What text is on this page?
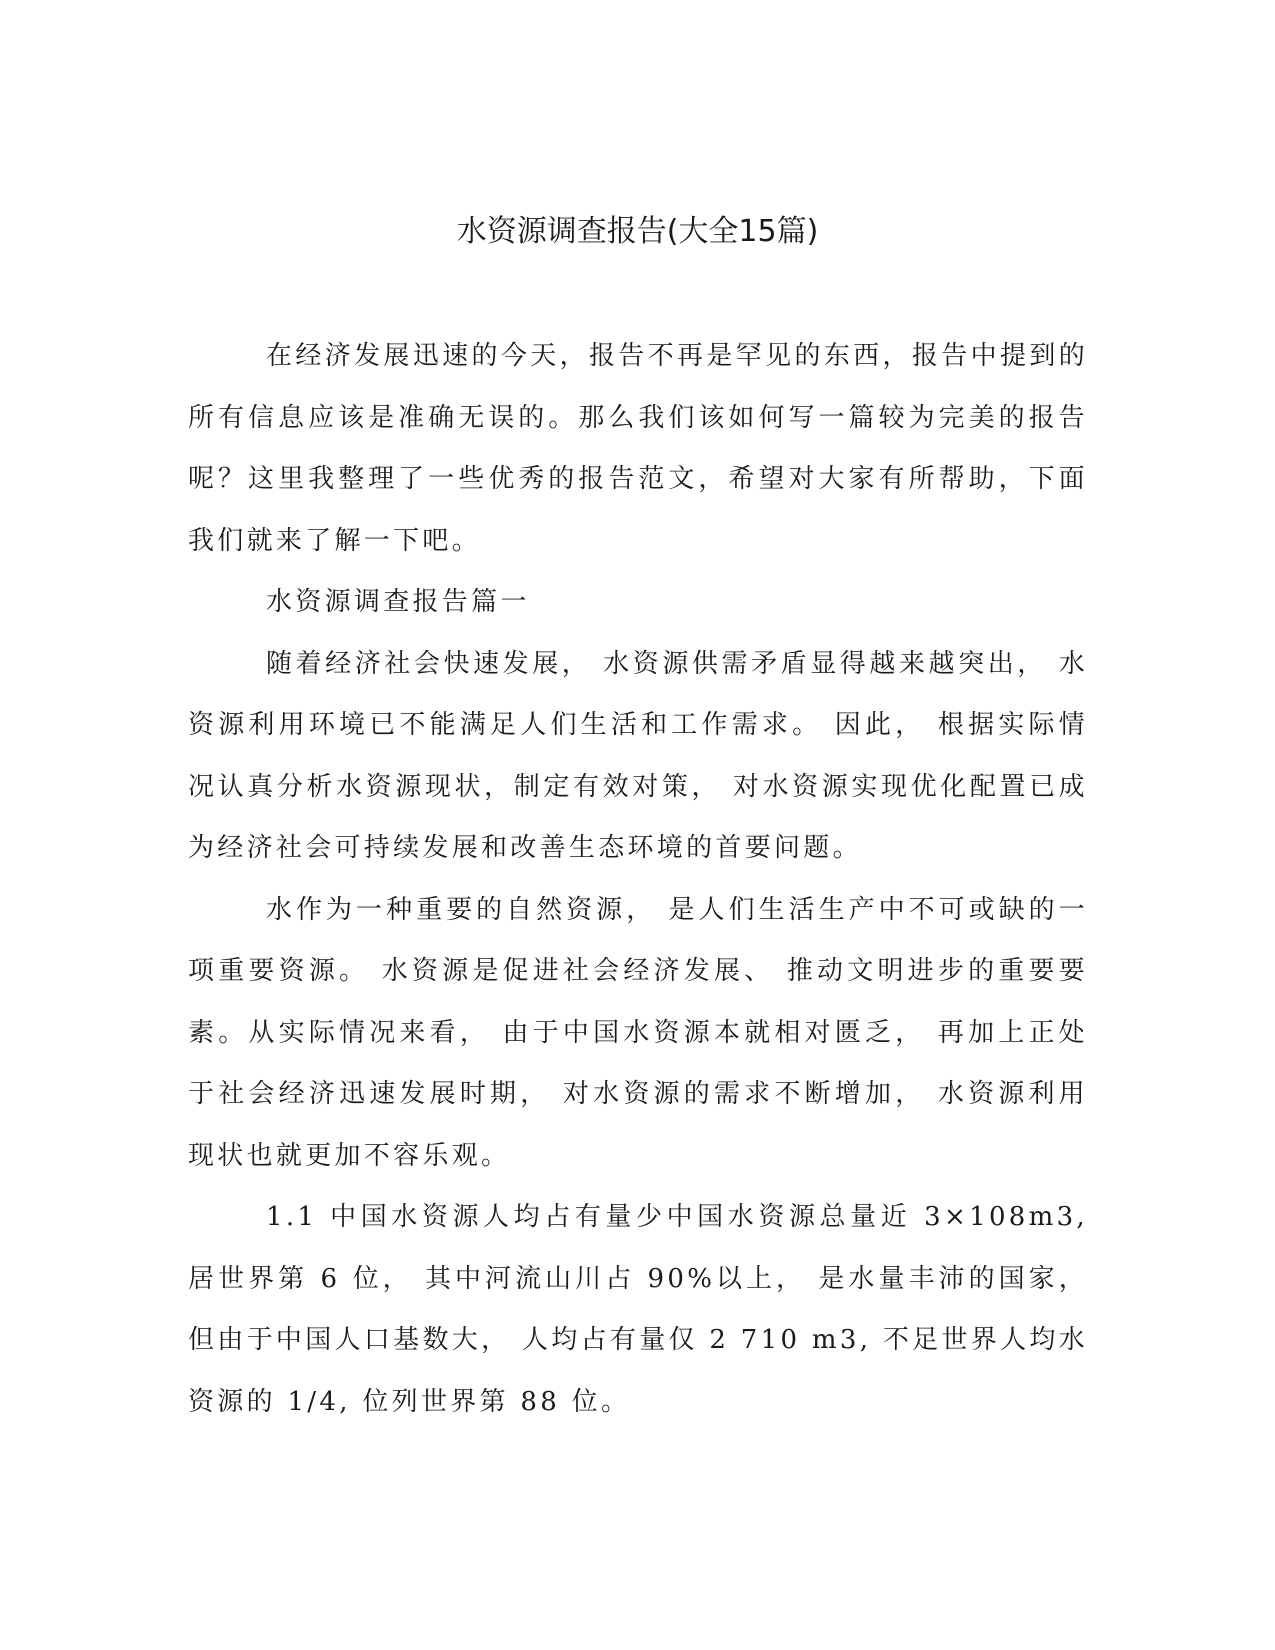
水资源调查报告(大全15篇)

在经济发展迅速的今天，报告不再是罕见的东西，报告中提到的所有信息应该是准确无误的。那么我们该如何写一篇较为完美的报告呢？这里我整理了一些优秀的报告范文，希望对大家有所帮助，下面我们就来了解一下吧。

水资源调查报告篇一

随着经济社会快速发展， 水资源供需矛盾显得越来越突出， 水资源利用环境已不能满足人们生活和工作需求。 因此， 根据实际情况认真分析水资源现状，制定有效对策， 对水资源实现优化配置已成为经济社会可持续发展和改善生态环境的首要问题。

水作为一种重要的自然资源， 是人们生活生产中不可或缺的一项重要资源。 水资源是促进社会经济发展、 推动文明进步的重要要素。从实际情况来看， 由于中国水资源本就相对匮乏， 再加上正处于社会经济迅速发展时期， 对水资源的需求不断增加， 水资源利用现状也就更加不容乐观。

1.1 中国水资源人均占有量少中国水资源总量近 3×108m3, 居世界第 6 位， 其中河流山川占 90%以上， 是水量丰沛的国家， 但由于中国人口基数大， 人均占有量仅 2 710 m3, 不足世界人均水资源的 1/4, 位列世界第 88 位。
